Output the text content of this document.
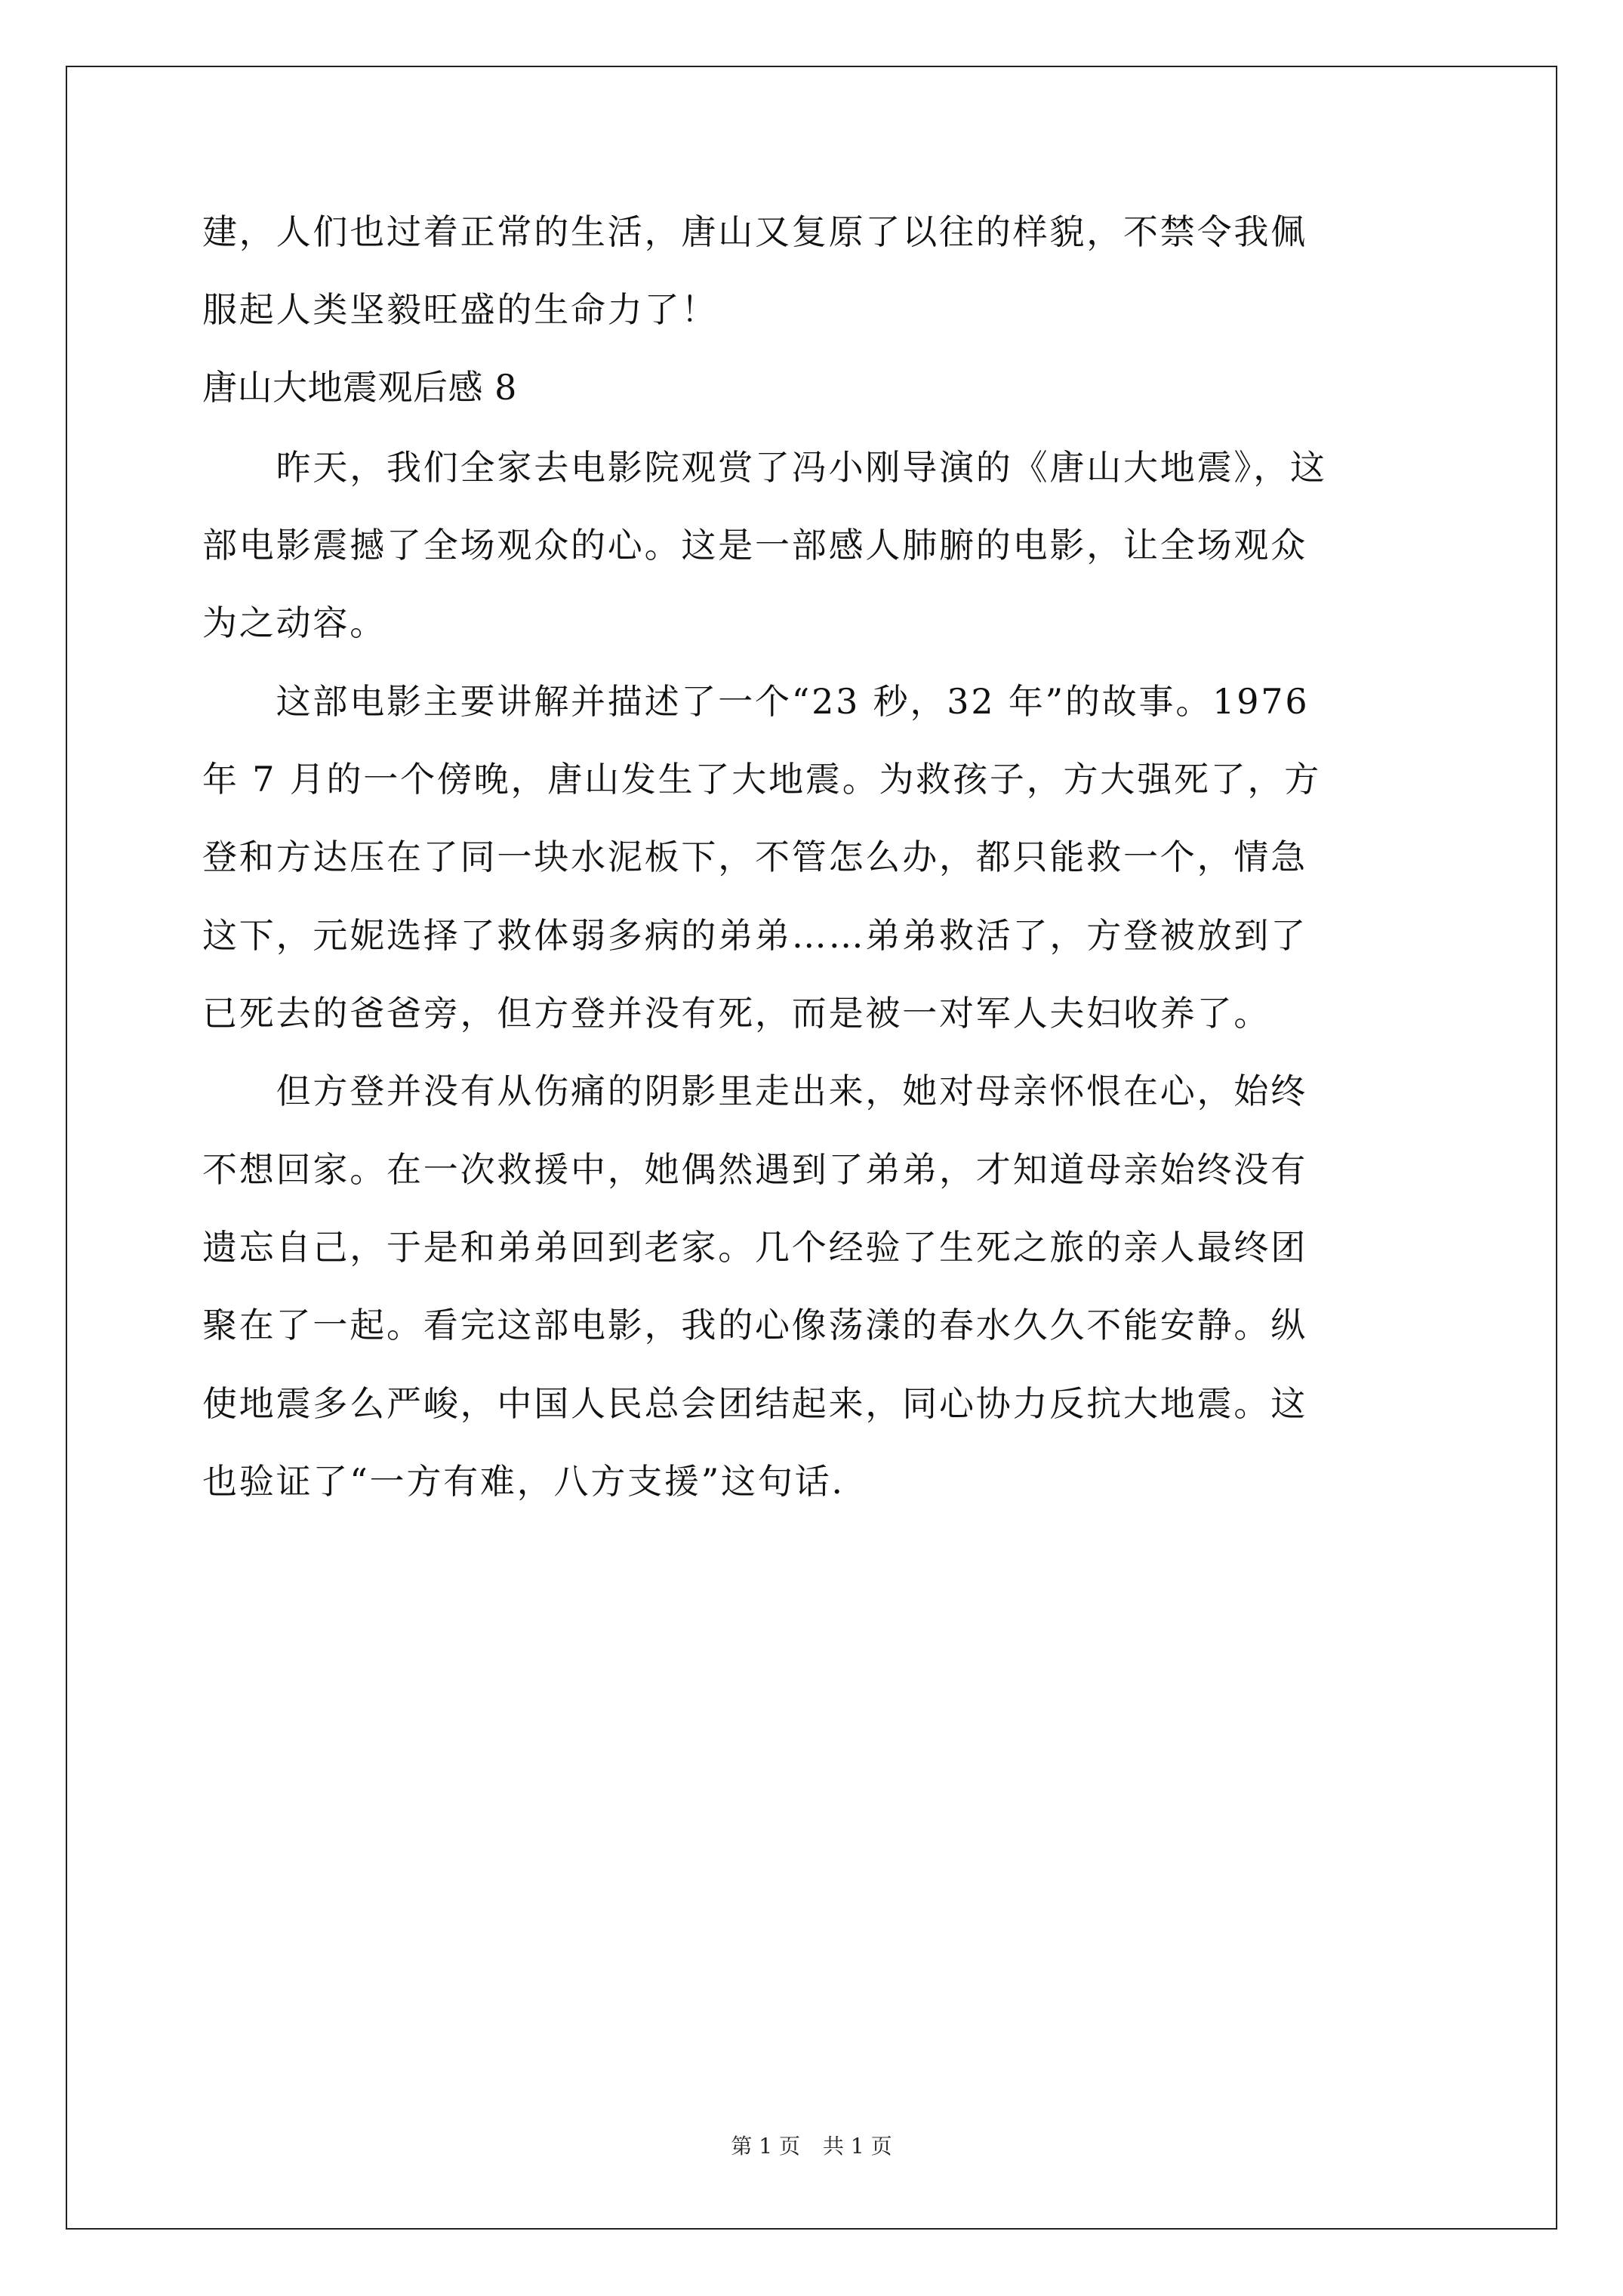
建，人们也过着正常的生活，唐山又复原了以往的样貌，不禁令我佩

服起人类坚毅旺盛的生命力了！

唐山大地震观后感 8

　　昨天，我们全家去电影院观赏了冯小刚导演的《唐山大地震》，这

部电影震撼了全场观众的心。这是一部感人肺腑的电影，让全场观众

为之动容。

　　这部电影主要讲解并描述了一个“23 秒，32 年”的故事。1976

年 7 月的一个傍晚，唐山发生了大地震。为救孩子，方大强死了，方

登和方达压在了同一块水泥板下，不管怎么办，都只能救一个，情急

这下，元妮选择了救体弱多病的弟弟……弟弟救活了，方登被放到了

已死去的爸爸旁，但方登并没有死，而是被一对军人夫妇收养了。

　　但方登并没有从伤痛的阴影里走出来，她对母亲怀恨在心，始终

不想回家。在一次救援中，她偶然遇到了弟弟，才知道母亲始终没有

遗忘自己，于是和弟弟回到老家。几个经验了生死之旅的亲人最终团

聚在了一起。看完这部电影，我的心像荡漾的春水久久不能安静。纵

使地震多么严峻，中国人民总会团结起来，同心协力反抗大地震。这

也验证了“一方有难，八方支援”这句话.

第 1 页 共 1 页
